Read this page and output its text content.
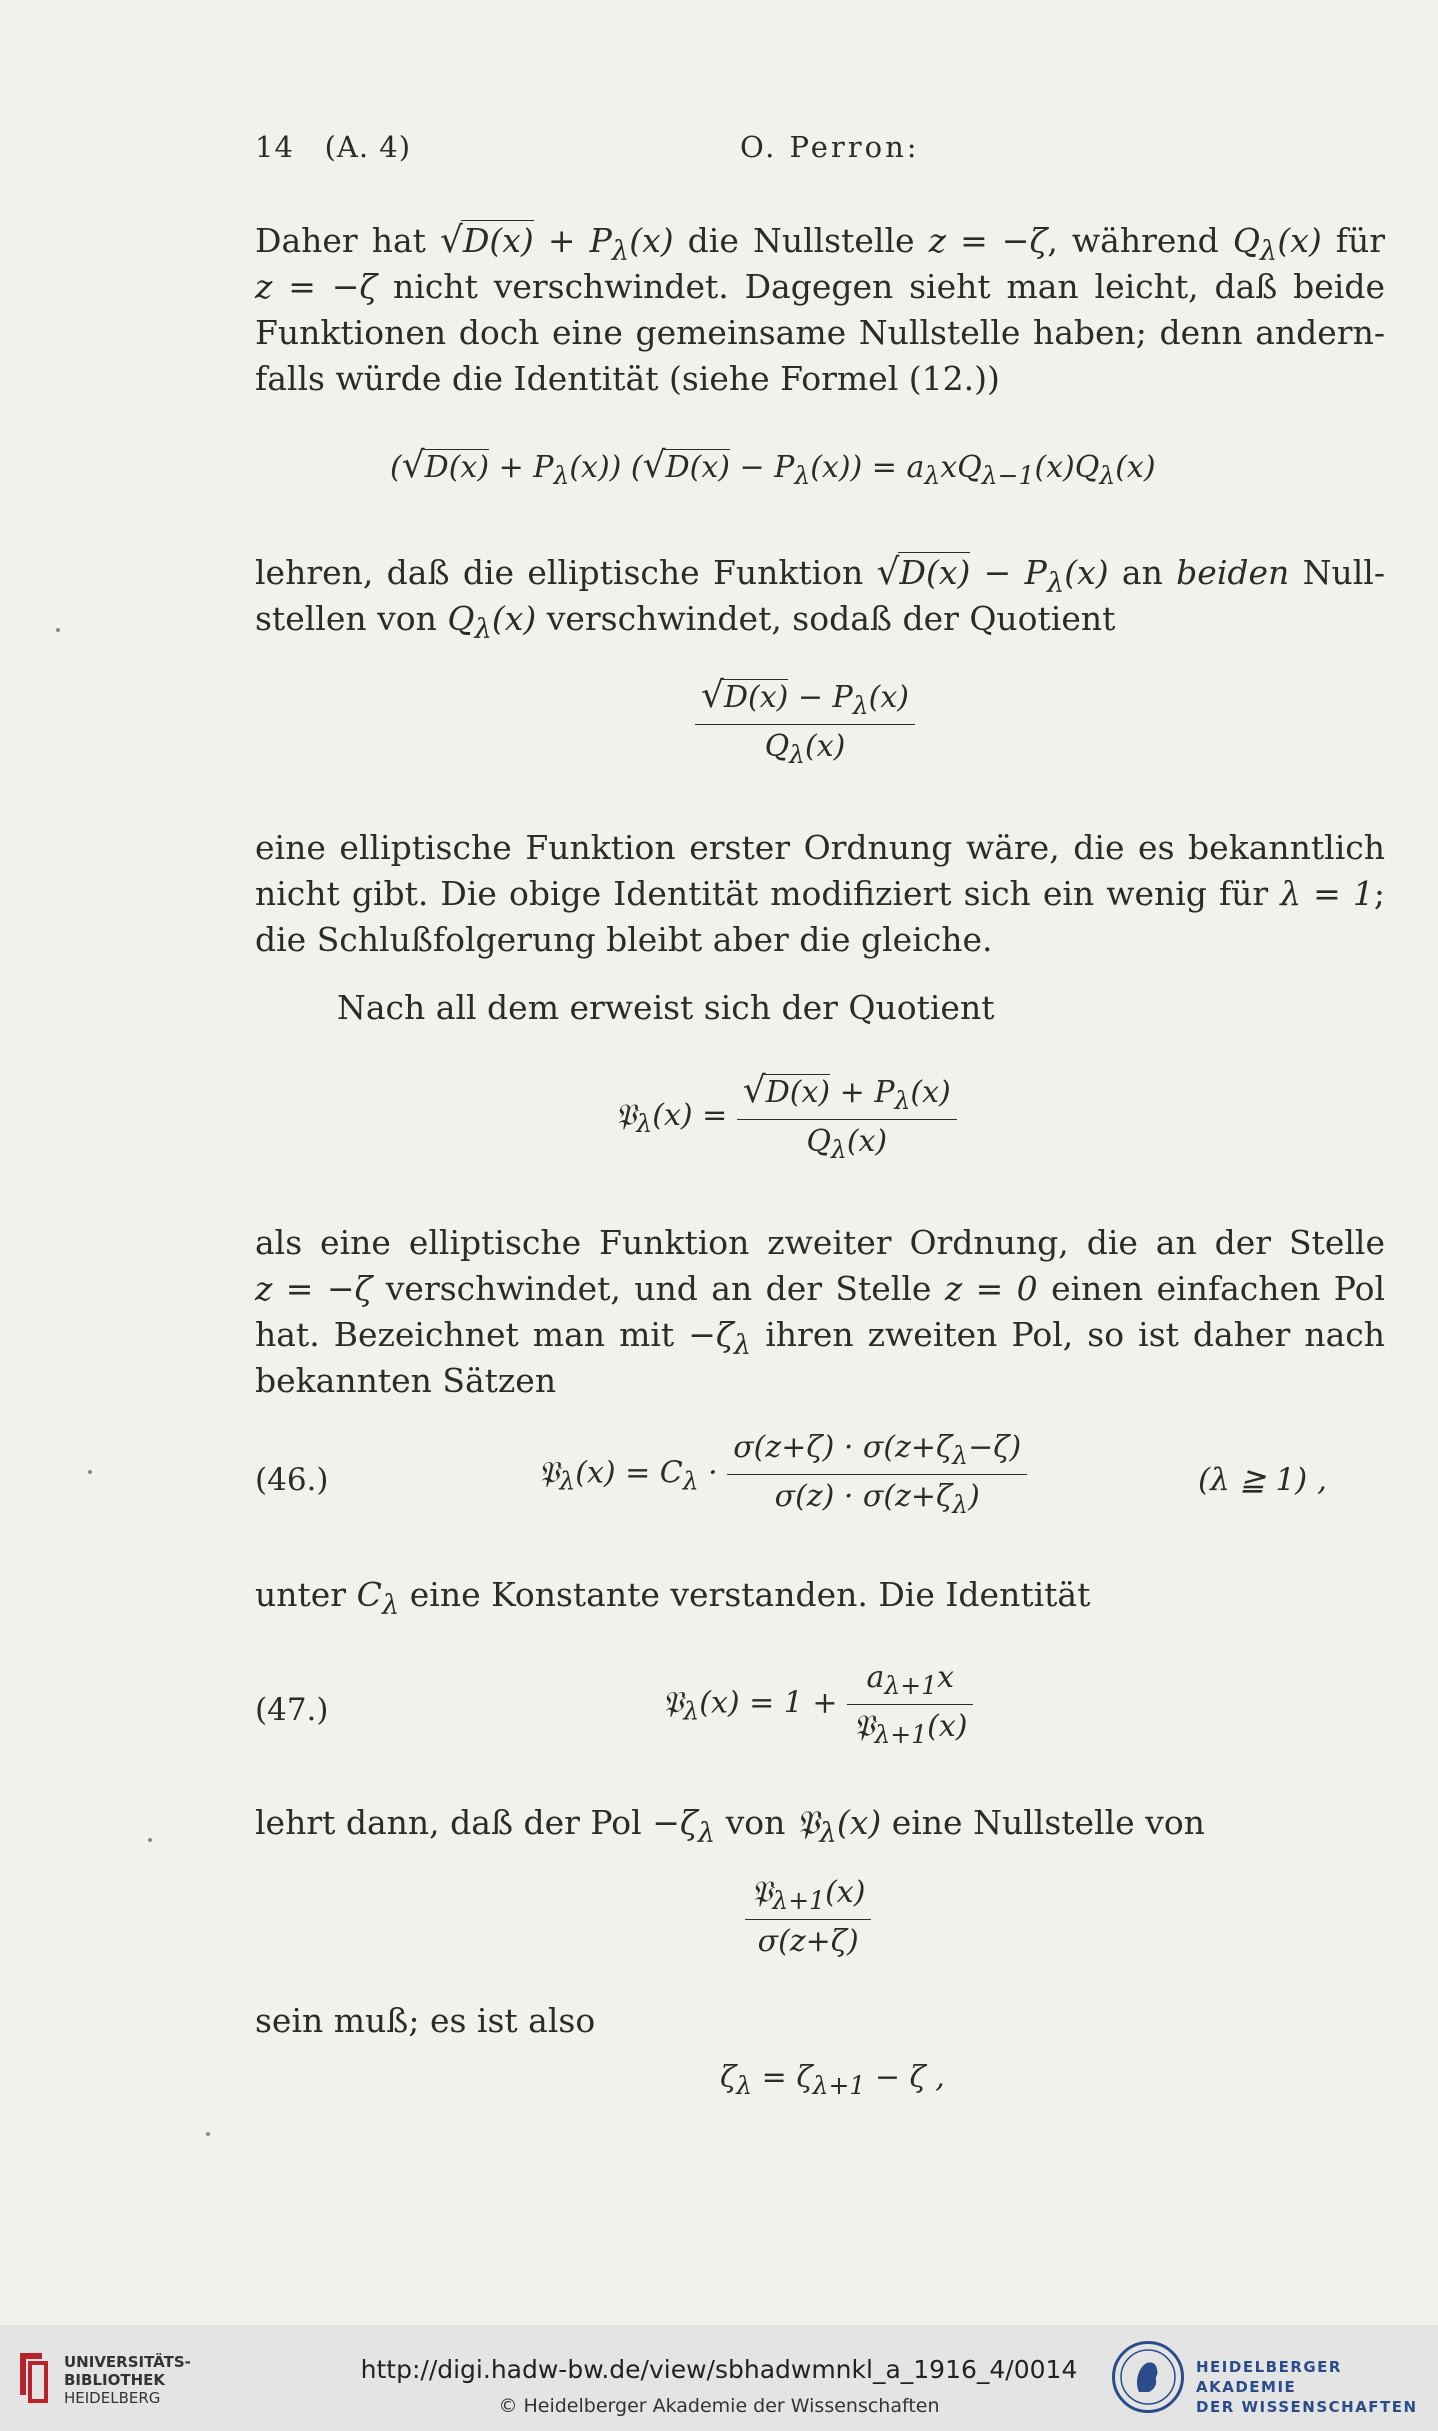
14 (A. 4)	O. Perron:
Daher hat $√D(x) + P_\lambda(x)$ die Nullstelle z = −ζ, während $Q_\lambda(x)$ für
z = −ζ nicht verschwindet. Dagegen sieht man leicht, daß beide
Funktionen doch eine gemeinsame Nullstelle haben; denn andern-
falls würde die Identität (siehe Formel (12.))
$(√D(x) + P_\lambda(x))$ $(√D(x) - P_\lambda(x)) = a_\lambda xQ_{\lambda-1}(x)Q_\lambda(x)$
lehren, daß die elliptische Funktion $√D(x) - P_\lambda(x)$ an beiden Null-
stellen von $Q_\lambda(x)$ verschwindet, sodaß der Quotient
$\frac{√D(x) - P_\lambda(x)}{Q_\lambda(x)}$
eine elliptische Funktion erster Ordnung wäre, die es bekanntlich
nicht gibt. Die obige Identität modifiziert sich ein wenig für λ = 1;
die Schlußfolgerung bleibt aber die gleiche.
Nach all dem erweist sich der Quotient
𝔓$_\lambda$(x) = $\frac{√D(x) + P_\lambda(x)}{Q_\lambda(x)}$
als eine elliptische Funktion zweiter Ordnung, die an der Stelle
z = −ζ verschwindet, und an der Stelle z = 0 einen einfachen Pol
hat. Bezeichnet man mit $-\zeta_\lambda$ ihren zweiten Pol, so ist daher nach
bekannten Sätzen
(46.)	𝔓$_\lambda$(x) = $C_\lambda \cdot \frac{\sigma(z+\zeta) \cdot \sigma(z+\zeta_\lambda-\zeta)}{\sigma(z) \cdot \sigma(z+\zeta_\lambda)}$	(λ ≧ 1) ,
unter $C_\lambda$ eine Konstante verstanden. Die Identität
(47.)	𝔓$_\lambda$(x) = $1 + \frac{a_{\lambda+1}x}{𝔓_{\lambda+1}(x)}$
lehrt dann, daß der Pol $-\zeta_\lambda$ von 𝔓$_\lambda$(x) eine Nullstelle von
$\frac{𝔓_{\lambda+1}(x)}{\sigma(z+\zeta)}$
sein muß; es ist also
$\zeta_\lambda = \zeta_{\lambda+1} - \zeta$ ,
UNIVERSITÄTS-
BIBLIOTHEK
HEIDELBERG
http://digi.hadw-bw.de/view/sbhadwmnkl_a_1916_4/0014
© Heidelberger Akademie der Wissenschaften
HEIDELBERGER AKADEMIE
DER WISSENSCHAFTEN
